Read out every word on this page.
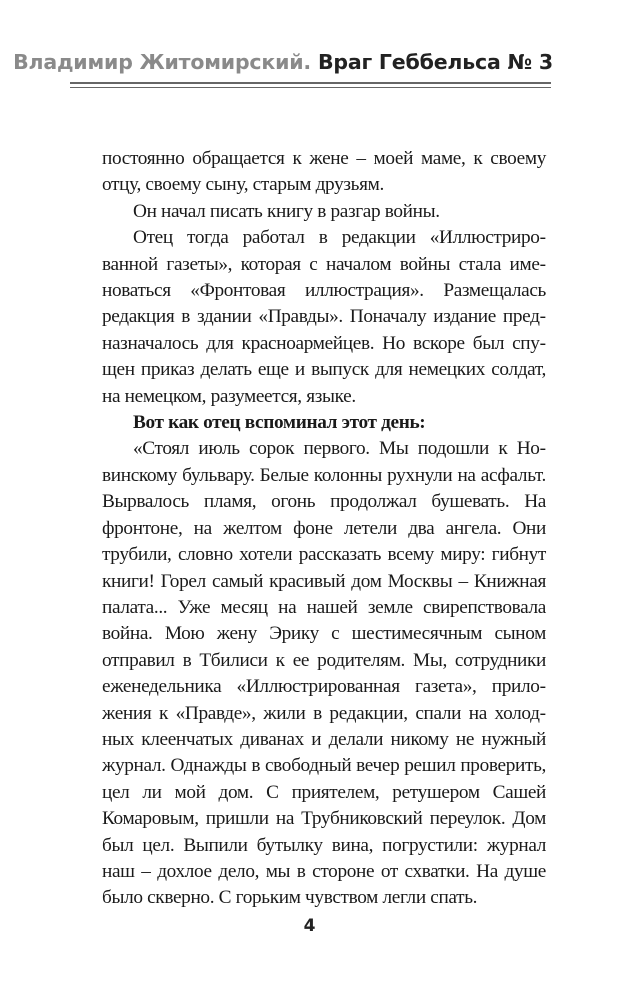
Владимир Житомирский. Враг Геббельса № 3

постоянно обращается к жене – моей маме, к своему отцу, своему сыну, старым друзьям.

Он начал писать книгу в разгар войны.

Отец тогда работал в редакции «Иллюстрированной газеты», которая с началом войны стала именоваться «Фронтовая иллюстрация». Размещалась редакция в здании «Правды». Поначалу издание предназначалось для красноармейцев. Но вскоре был спущен приказ делать еще и выпуск для немецких солдат, на немецком, разумеется, языке.

Вот как отец вспоминал этот день:

«Стоял июль сорок первого. Мы подошли к Новинскому бульвару. Белые колонны рухнули на асфальт. Вырвалось пламя, огонь продолжал бушевать. На фронтоне, на желтом фоне летели два ангела. Они трубили, словно хотели рассказать всему миру: гибнут книги! Горел самый красивый дом Москвы – Книжная палата... Уже месяц на нашей земле свирепствовала война. Мою жену Эрику с шестимесячным сыном отправил в Тбилиси к ее родителям. Мы, сотрудники еженедельника «Иллюстрированная газета», приложения к «Правде», жили в редакции, спали на холодных клеенчатых диванах и делали никому не нужный журнал. Однажды в свободный вечер решил проверить, цел ли мой дом. С приятелем, ретушером Сашей Комаровым, пришли на Трубниковский переулок. Дом был цел. Выпили бутылку вина, погрустили: журнал наш – дохлое дело, мы в стороне от схватки. На душе было скверно. С горьким чувством легли спать.

4
